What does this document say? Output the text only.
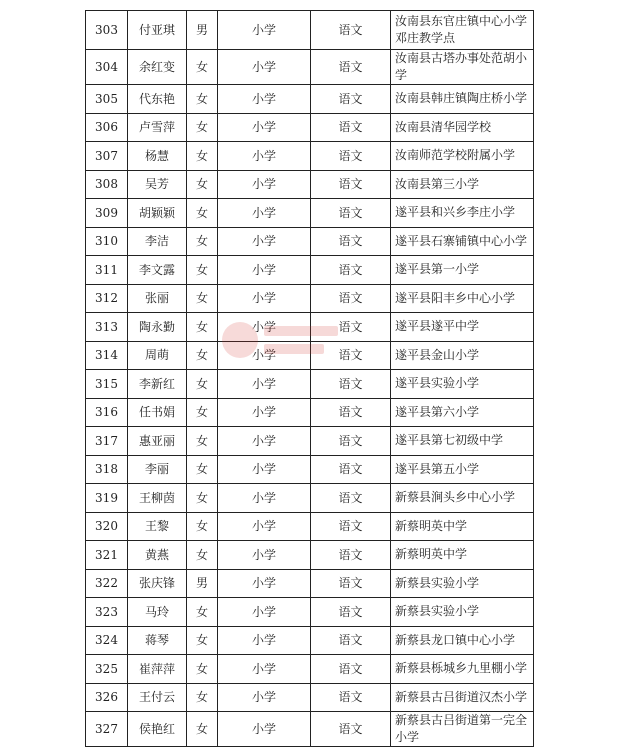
303	付亚琪	男	小学	语文	汝南县东官庄镇中心小学邓庄教学点
304	余红变	女	小学	语文	汝南县古塔办事处范胡小学
305	代东艳	女	小学	语文	汝南县韩庄镇陶庄桥小学
306	卢雪萍	女	小学	语文	汝南县清华园学校
307	杨慧	女	小学	语文	汝南师范学校附属小学
308	吴芳	女	小学	语文	汝南县第三小学
309	胡颖颖	女	小学	语文	遂平县和兴乡李庄小学
310	李洁	女	小学	语文	遂平县石寨铺镇中心小学
311	李文露	女	小学	语文	遂平县第一小学
312	张丽	女	小学	语文	遂平县阳丰乡中心小学
313	陶永勤	女	小学	语文	遂平县遂平中学
314	周萌	女	小学	语文	遂平县金山小学
315	李新红	女	小学	语文	遂平县实验小学
316	任书娟	女	小学	语文	遂平县第六小学
317	惠亚丽	女	小学	语文	遂平县第七初级中学
318	李丽	女	小学	语文	遂平县第五小学
319	王柳茵	女	小学	语文	新蔡县涧头乡中心小学
320	王黎	女	小学	语文	新蔡明英中学
321	黄燕	女	小学	语文	新蔡明英中学
322	张庆锋	男	小学	语文	新蔡县实验小学
323	马玲	女	小学	语文	新蔡县实验小学
324	蒋琴	女	小学	语文	新蔡县龙口镇中心小学
325	崔萍萍	女	小学	语文	新蔡县栎城乡九里棚小学
326	王付云	女	小学	语文	新蔡县古吕街道汉杰小学
327	侯艳红	女	小学	语文	新蔡县古吕街道第一完全小学
